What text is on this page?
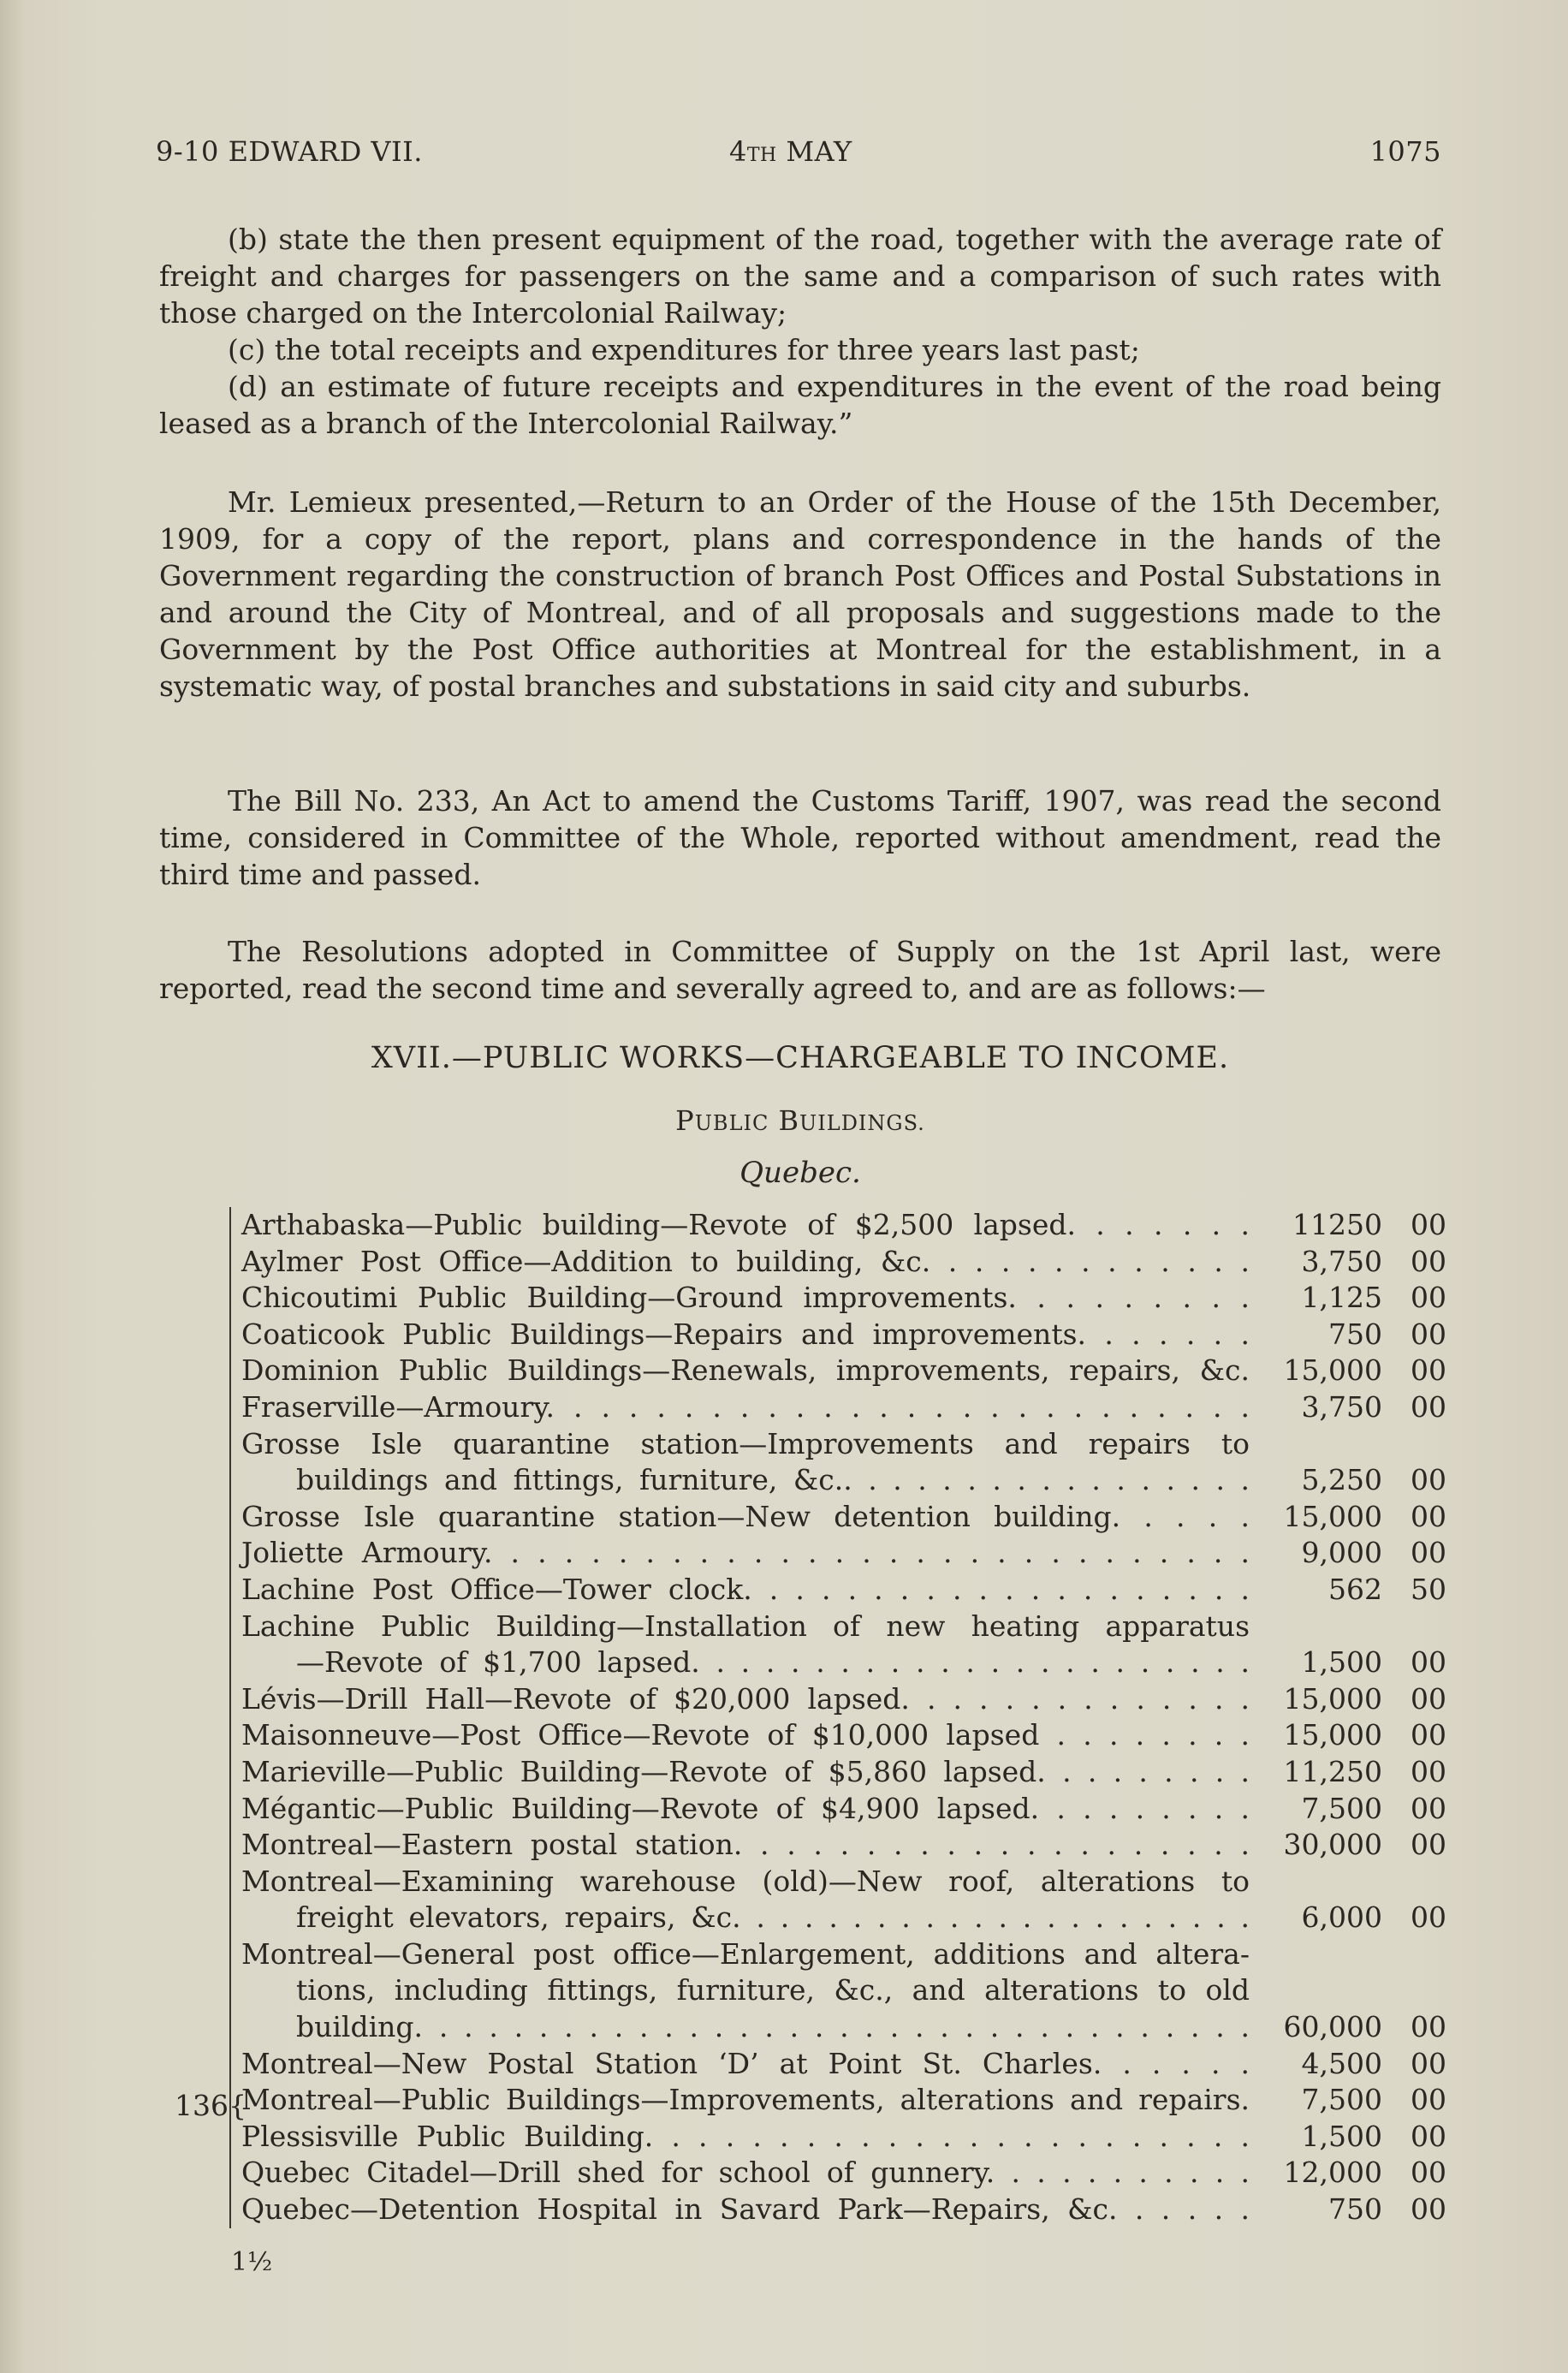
9-10 EDWARD VII.	4TH MAY	1075

(b) state the then present equipment of the road, together with the average rate of freight and charges for passengers on the same and a comparison of such rates with those charged on the Intercolonial Railway;

(c) the total receipts and expenditures for three years last past;

(d) an estimate of future receipts and expenditures in the event of the road being leased as a branch of the Intercolonial Railway.”

Mr. Lemieux presented,—Return to an Order of the House of the 15th December, 1909, for a copy of the report, plans and correspondence in the hands of the Government regarding the construction of branch Post Offices and Postal Substations in and around the City of Montreal, and of all proposals and suggestions made to the Government by the Post Office authorities at Montreal for the establishment, in a systematic way, of postal branches and substations in said city and suburbs.

The Bill No. 233, An Act to amend the Customs Tariff, 1907, was read the second time, considered in Committee of the Whole, reported without amendment, read the third time and passed.

The Resolutions adopted in Committee of Supply on the 1st April last, were reported, read the second time and severally agreed to, and are as follows:—

XVII.—PUBLIC WORKS—CHARGEABLE TO INCOME.
PUBLIC BUILDINGS.
Quebec.
Arthabaska—Public building—Revote of $2,500 lapsed. . . . . . .	11250	00
Aylmer Post Office—Addition to building, &c. . . . . . . . . . . . .	3,750	00
Chicoutimi Public Building—Ground improvements. . . . . . . . .	1,125	00
Coaticook Public Buildings—Repairs and improvements. . . . . . .	750	00
Dominion Public Buildings—Renewals, improvements, repairs, &c.	15,000	00
Fraserville—Armoury. . . . . . . . . . . . . . . . . . . . . . . . . .	3,750	00
Grosse Isle quarantine station—Improvements and repairs to
buildings and fittings, furniture, &c.. . . . . . . . . . . . . . . . .	5,250	00
Grosse Isle quarantine station—New detention building. . . . .	15,000	00
Joliette Armoury. . . . . . . . . . . . . . . . . . . . . . . . . . . . .	9,000	00
Lachine Post Office—Tower clock. . . . . . . . . . . . . . . . . . . .	562	50
Lachine Public Building—Installation of new heating apparatus
—Revote of $1,700 lapsed. . . . . . . . . . . . . . . . . . . . . . .	1,500	00
Lévis—Drill Hall—Revote of $20,000 lapsed. . . . . . . . . . . . . .	15,000	00
Maisonneuve—Post Office—Revote of $10,000 lapsed . . . . . . . .	15,000	00
Marieville—Public Building—Revote of $5,860 lapsed. . . . . . . . .	11,250	00
Mégantic—Public Building—Revote of $4,900 lapsed. . . . . . . . .	7,500	00
Montreal—Eastern postal station. . . . . . . . . . . . . . . . . . . .	30,000	00
Montreal—Examining warehouse (old)—New roof, alterations to
freight elevators, repairs, &c. . . . . . . . . . . . . . . . . . . . . .	6,000	00
Montreal—General post office—Enlargement, additions and altera-
tions, including fittings, furniture, &c., and alterations to old
building. . . . . . . . . . . . . . . . . . . . . . . . . . . . . . . . . .	60,000	00
Montreal—New Postal Station ‘D’ at Point St. Charles. . . . . .	4,500	00
Montreal—Public Buildings—Improvements, alterations and repairs.	7,500	00
Plessisville Public Building. . . . . . . . . . . . . . . . . . . . . . .	1,500	00
Quebec Citadel—Drill shed for school of gunnery. . . . . . . . . . .	12,000	00
Quebec—Detention Hospital in Savard Park—Repairs, &c. . . . . .	750	00
136{
1½
